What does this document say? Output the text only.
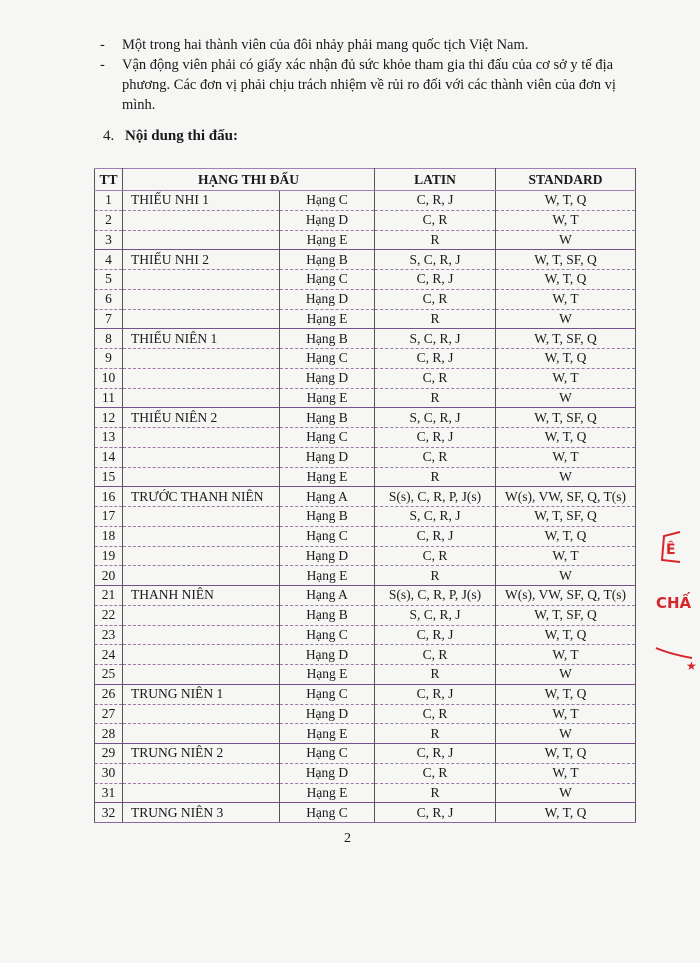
-	Một trong hai thành viên của đôi nhảy phải mang quốc tịch Việt Nam.
-	Vận động viên phải có giấy xác nhận đủ sức khỏe tham gia thi đấu của cơ sở y tế địa phương. Các đơn vị phải chịu trách nhiệm về rủi ro đối với các thành viên của đơn vị mình.
4. Nội dung thi đấu:
TT	HẠNG THI ĐẤU		LATIN	STANDARD
1	THIẾU NHI 1	Hạng C	C, R, J	W, T, Q
2		Hạng D	C, R	W, T
3		Hạng E	R	W
4	THIẾU NHI 2	Hạng B	S, C, R, J	W, T, SF, Q
5		Hạng C	C, R, J	W, T, Q
6		Hạng D	C, R	W, T
7		Hạng E	R	W
8	THIẾU NIÊN 1	Hạng B	S, C, R, J	W, T, SF, Q
9		Hạng C	C, R, J	W, T, Q
10		Hạng D	C, R	W, T
11		Hạng E	R	W
12	THIẾU NIÊN 2	Hạng B	S, C, R, J	W, T, SF, Q
13		Hạng C	C, R, J	W, T, Q
14		Hạng D	C, R	W, T
15		Hạng E	R	W
16	TRƯỚC THANH NIÊN	Hạng A	S(s), C, R, P, J(s)	W(s), VW, SF, Q, T(s)
17		Hạng B	S, C, R, J	W, T, SF, Q
18		Hạng C	C, R, J	W, T, Q
19		Hạng D	C, R	W, T
20		Hạng E	R	W
21	THANH NIÊN	Hạng A	S(s), C, R, P, J(s)	W(s), VW, SF, Q, T(s)
22		Hạng B	S, C, R, J	W, T, SF, Q
23		Hạng C	C, R, J	W, T, Q
24		Hạng D	C, R	W, T
25		Hạng E	R	W
26	TRUNG NIÊN 1	Hạng C	C, R, J	W, T, Q
27		Hạng D	C, R	W, T
28		Hạng E	R	W
29	TRUNG NIÊN 2	Hạng C	C, R, J	W, T, Q
30		Hạng D	C, R	W, T
31		Hạng E	R	W
32	TRUNG NIÊN 3	Hạng C	C, R, J	W, T, Q
2
Ê
CHẤ
★
